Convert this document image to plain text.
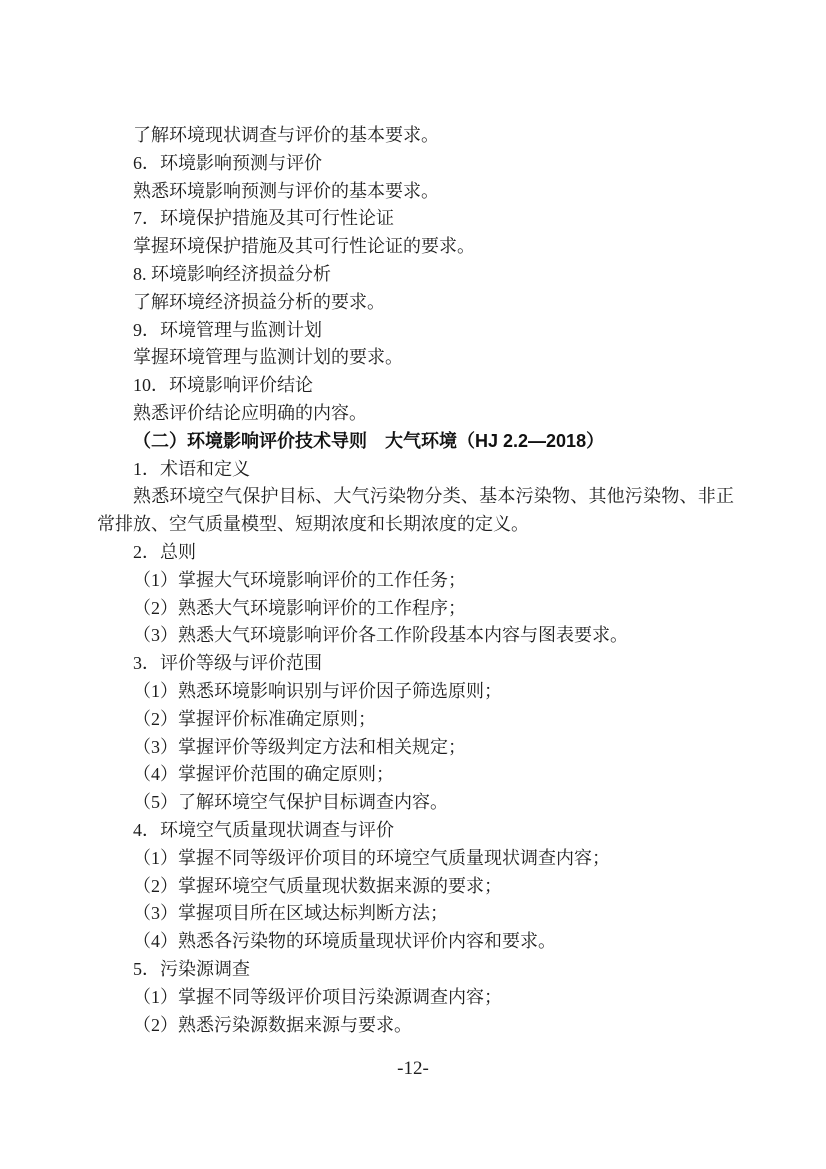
了解环境现状调查与评价的基本要求。

6．环境影响预测与评价

熟悉环境影响预测与评价的基本要求。

7．环境保护措施及其可行性论证

掌握环境保护措施及其可行性论证的要求。

8. 环境影响经济损益分析

了解环境经济损益分析的要求。

9．环境管理与监测计划

掌握环境管理与监测计划的要求。

10．环境影响评价结论

熟悉评价结论应明确的内容。

（二）环境影响评价技术导则　大气环境（HJ 2.2—2018）

1．术语和定义

熟悉环境空气保护目标、大气污染物分类、基本污染物、其他污染物、非正常排放、空气质量模型、短期浓度和长期浓度的定义。

2．总则

（1）掌握大气环境影响评价的工作任务；

（2）熟悉大气环境影响评价的工作程序；

（3）熟悉大气环境影响评价各工作阶段基本内容与图表要求。

3．评价等级与评价范围

（1）熟悉环境影响识别与评价因子筛选原则；

（2）掌握评价标准确定原则；

（3）掌握评价等级判定方法和相关规定；

（4）掌握评价范围的确定原则；

（5）了解环境空气保护目标调查内容。

4．环境空气质量现状调查与评价

（1）掌握不同等级评价项目的环境空气质量现状调查内容；

（2）掌握环境空气质量现状数据来源的要求；

（3）掌握项目所在区域达标判断方法；

（4）熟悉各污染物的环境质量现状评价内容和要求。

5．污染源调查

（1）掌握不同等级评价项目污染源调查内容；

（2）熟悉污染源数据来源与要求。

-12-
